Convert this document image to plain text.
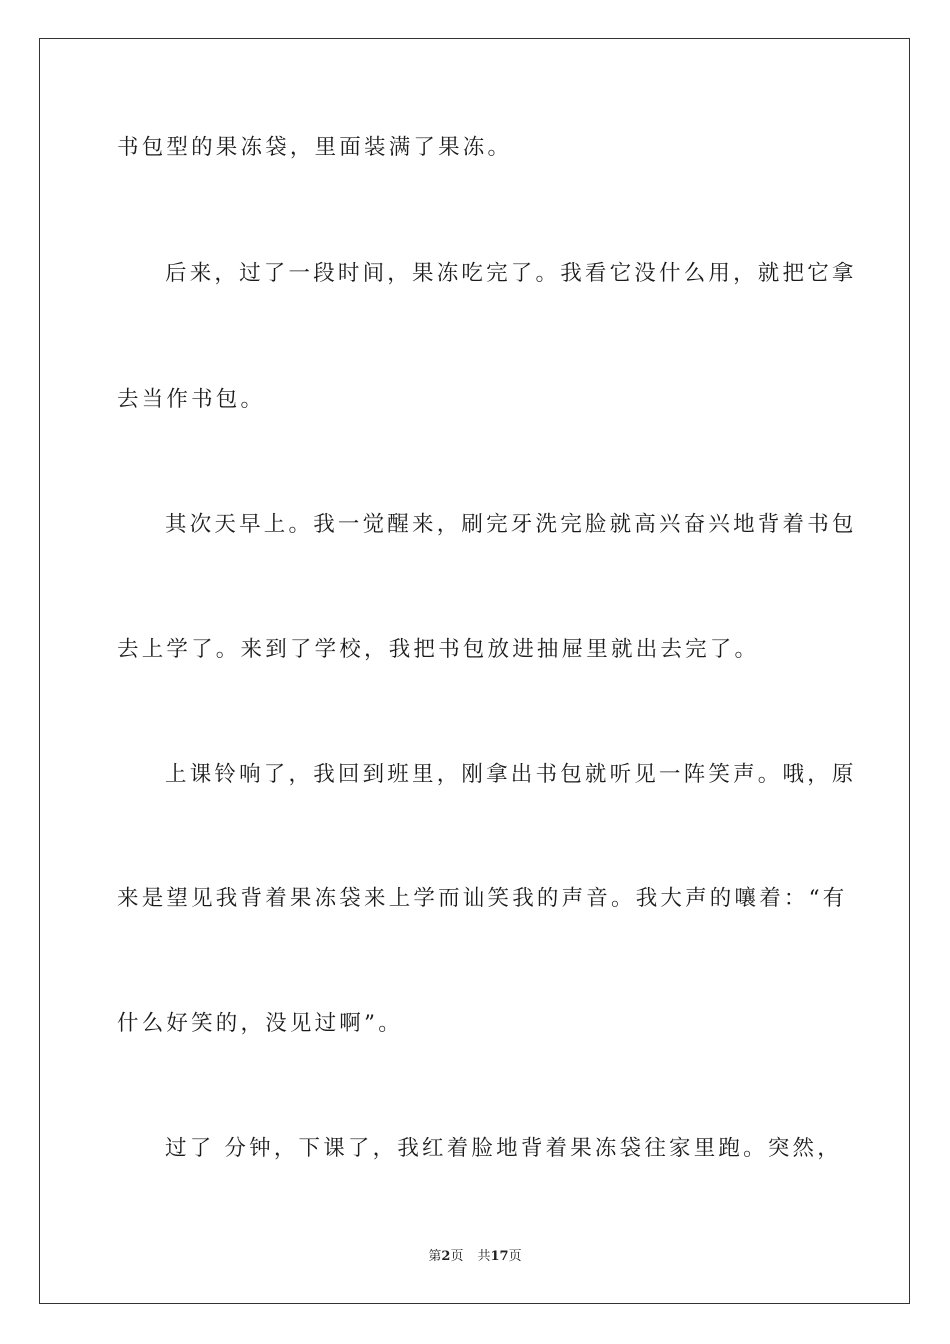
书包型的果冻袋，里面装满了果冻。
后来，过了一段时间，果冻吃完了。我看它没什么用，就把它拿
去当作书包。
其次天早上。我一觉醒来，刷完牙洗完脸就高兴奋兴地背着书包
去上学了。来到了学校，我把书包放进抽屉里就出去完了。
上课铃响了，我回到班里，刚拿出书包就听见一阵笑声。哦，原
来是望见我背着果冻袋来上学而讪笑我的声音。我大声的嚷着：“有
什么好笑的，没见过啊”。
过了 分钟，下课了，我红着脸地背着果冻袋往家里跑。突然，
第2页 共17页
